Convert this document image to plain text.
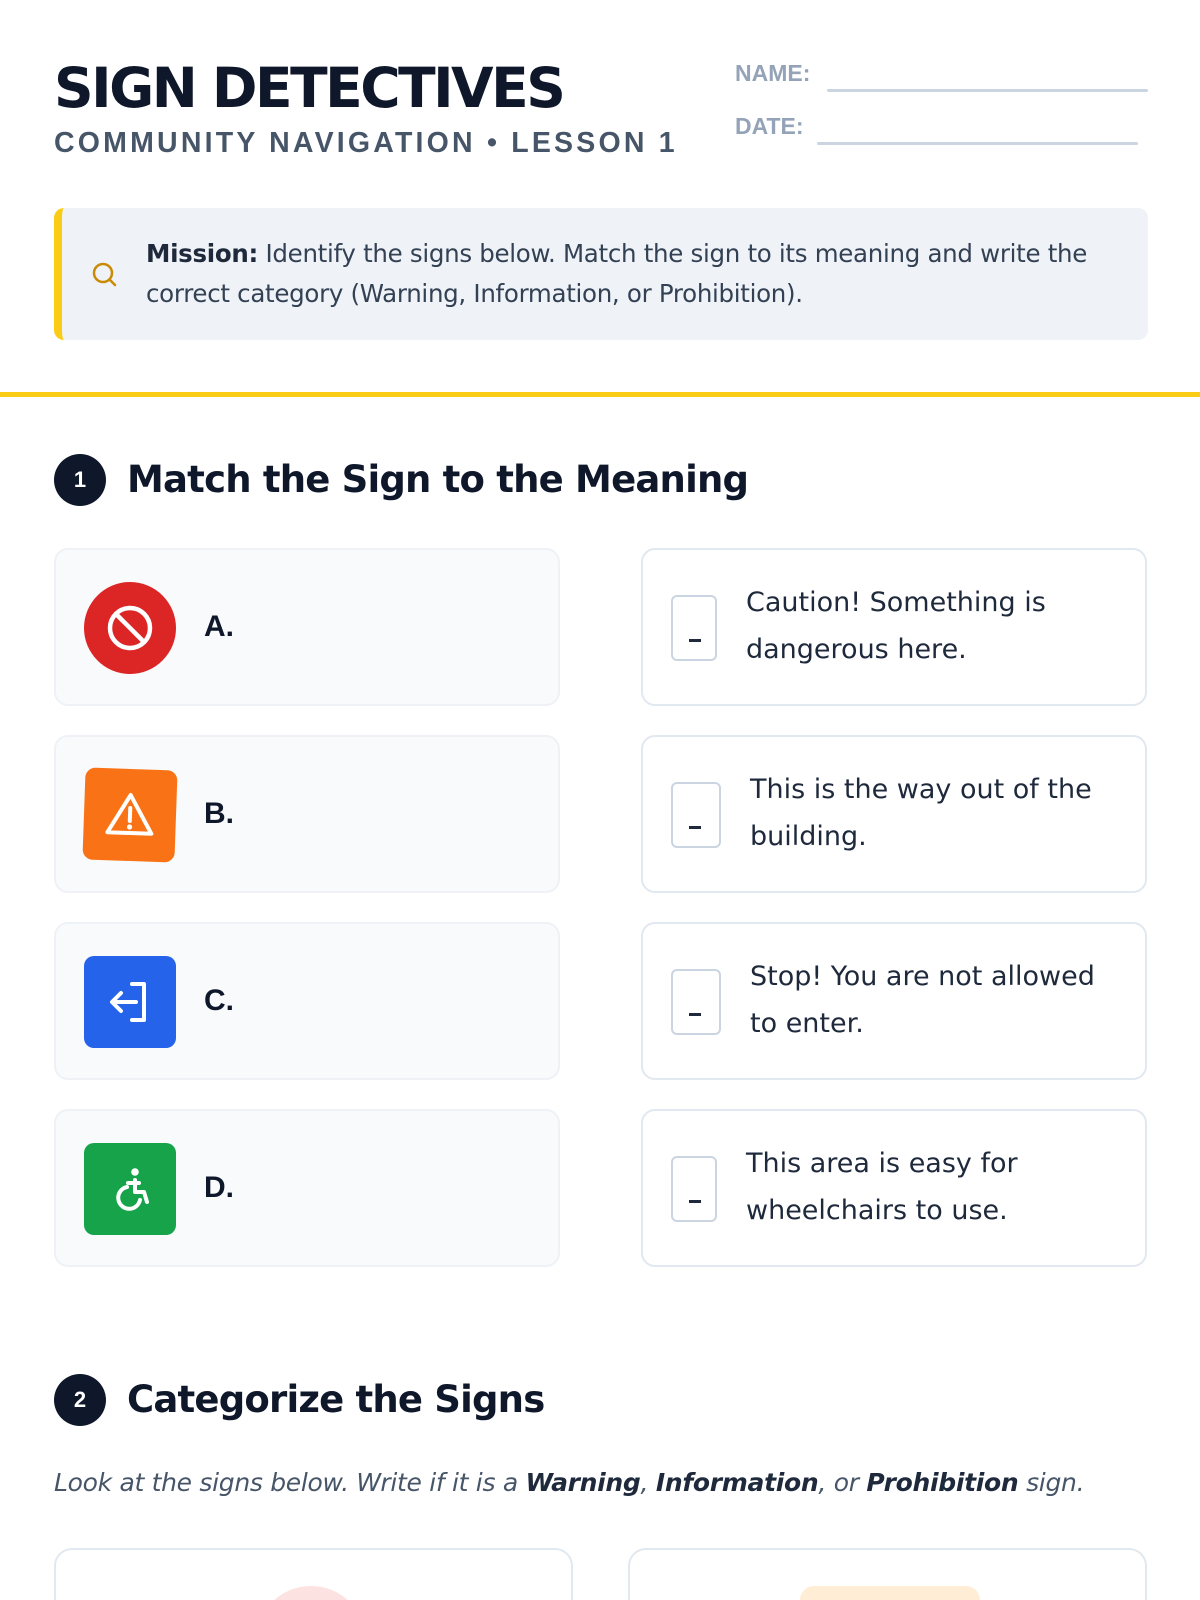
SIGN DETECTIVES
COMMUNITY NAVIGATION • LESSON 1
NAME:
DATE:
Mission: Identify the signs below. Match the sign to its meaning and write the correct category (Warning, Information, or Prohibition).
1	Match the Sign to the Meaning
A.
B.
C.
D.
Caution! Something is dangerous here.
This is the way out of the building.
Stop! You are not allowed to enter.
This area is easy for wheelchairs to use.
2	Categorize the Signs
Look at the signs below. Write if it is a Warning, Information, or Prohibition sign.
